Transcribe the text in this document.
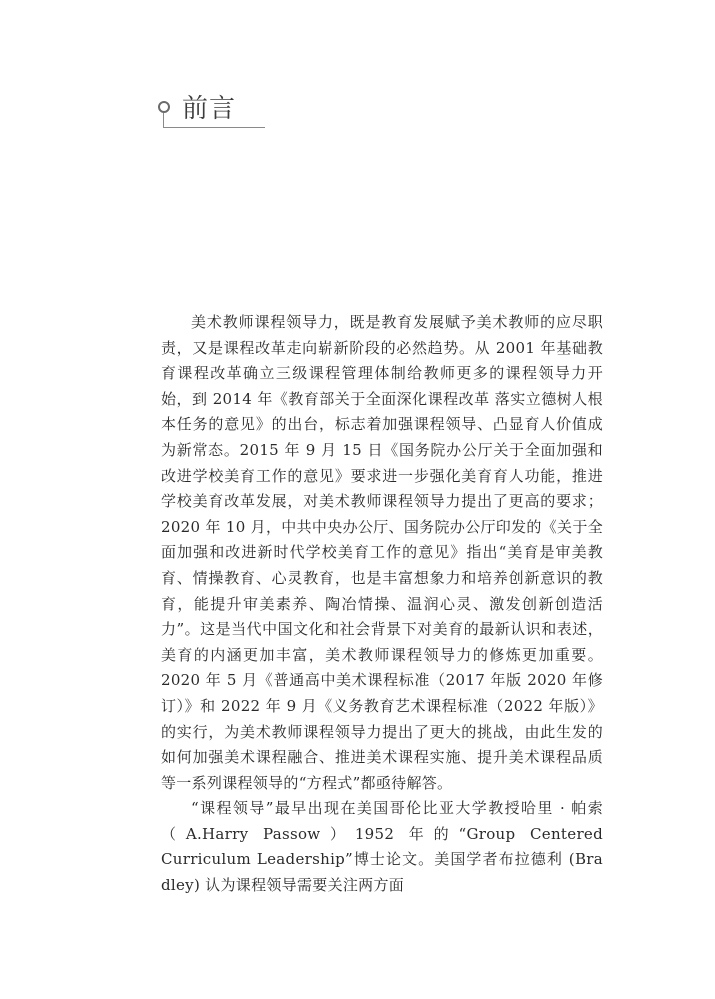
前言

美术教师课程领导力，既是教育发展赋予美术教师的应尽职责，又是课程改革走向崭新阶段的必然趋势。从 2001 年基础教育课程改革确立三级课程管理体制给教师更多的课程领导力开始，到 2014 年《教育部关于全面深化课程改革 落实立德树人根本任务的意见》的出台，标志着加强课程领导、凸显育人价值成为新常态。2015 年 9 月 15 日《国务院办公厅关于全面加强和改进学校美育工作的意见》要求进一步强化美育育人功能，推进学校美育改革发展，对美术教师课程领导力提出了更高的要求；2020 年 10 月，中共中央办公厅、国务院办公厅印发的《关于全面加强和改进新时代学校美育工作的意见》指出“美育是审美教育、情操教育、心灵教育，也是丰富想象力和培养创新意识的教育，能提升审美素养、陶冶情操、温润心灵、激发创新创造活力”。这是当代中国文化和社会背景下对美育的最新认识和表述，美育的内涵更加丰富，美术教师课程领导力的修炼更加重要。2020 年 5 月《普通高中美术课程标准（2017 年版 2020 年修订）》和 2022 年 9 月《义务教育艺术课程标准（2022 年版）》的实行，为美术教师课程领导力提出了更大的挑战，由此生发的如何加强美术课程融合、推进美术课程实施、提升美术课程品质等一系列课程领导的“方程式”都亟待解答。

“课程领导”最早出现在美国哥伦比亚大学教授哈里 · 帕索（A.Harry Passow）1952 年的“Group Centered Curriculum Leadership”博士论文。美国学者布拉德利 (Bra dley) 认为课程领导需要关注两方面
